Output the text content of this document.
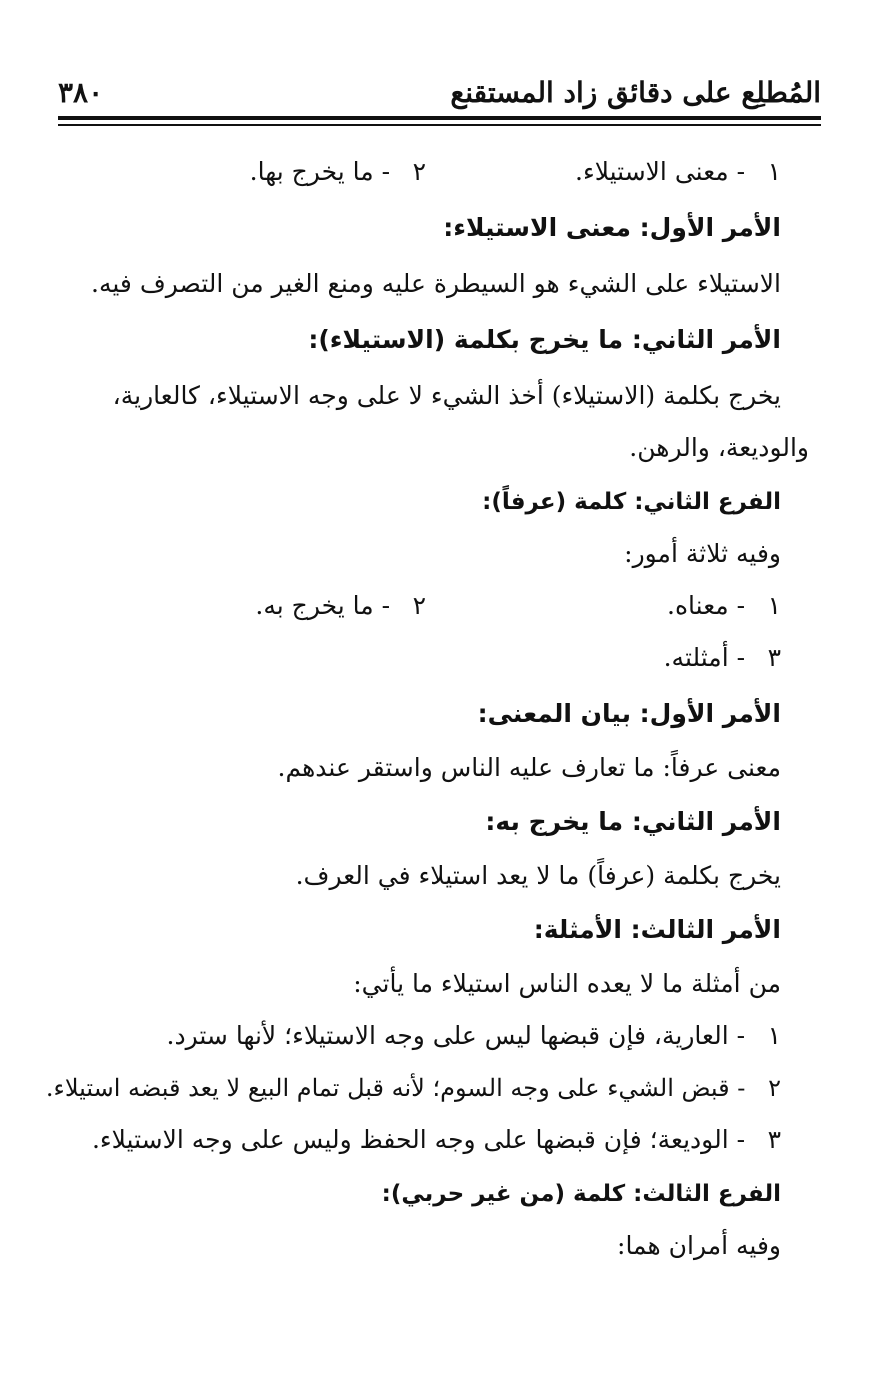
٣٨٠	المُطلِع على دقائق زاد المستقنع
١ - معنى الاستيلاء.
٢ - ما يخرج بها.
الأمر الأول: معنى الاستيلاء:
الاستيلاء على الشيء هو السيطرة عليه ومنع الغير من التصرف فيه.
الأمر الثاني: ما يخرج بكلمة (الاستيلاء):
يخرج بكلمة (الاستيلاء) أخذ الشيء لا على وجه الاستيلاء، كالعارية،
والوديعة، والرهن.
الفرع الثاني: كلمة (عرفاً):
وفيه ثلاثة أمور:
١ - معناه.
٢ - ما يخرج به.
٣ - أمثلته.
الأمر الأول: بيان المعنى:
معنى عرفاً: ما تعارف عليه الناس واستقر عندهم.
الأمر الثاني: ما يخرج به:
يخرج بكلمة (عرفاً) ما لا يعد استيلاء في العرف.
الأمر الثالث: الأمثلة:
من أمثلة ما لا يعده الناس استيلاء ما يأتي:
١ - العارية، فإن قبضها ليس على وجه الاستيلاء؛ لأنها سترد.
٢ - قبض الشيء على وجه السوم؛ لأنه قبل تمام البيع لا يعد قبضه استيلاء.
٣ - الوديعة؛ فإن قبضها على وجه الحفظ وليس على وجه الاستيلاء.
الفرع الثالث: كلمة (من غير حربي):
وفيه أمران هما:
